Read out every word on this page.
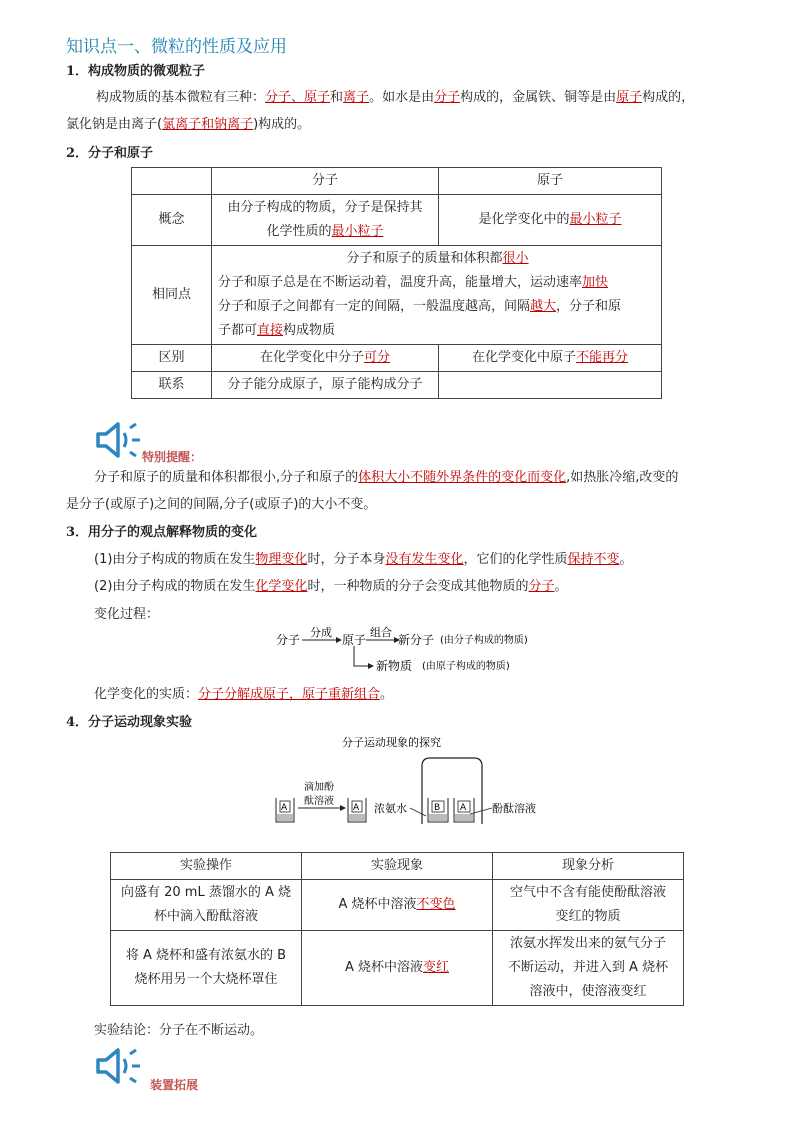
知识点一、微粒的性质及应用
1．构成物质的微观粒子
构成物质的基本微粒有三种：分子、原子和离子。如水是由分子构成的，金属铁、铜等是由原子构成的，
氯化钠是由离子(氯离子和钠离子)构成的。
2．分子和原子
	分子	原子
概念	由分子构成的物质，分子是保持其
化学性质的最小粒子	是化学变化中的最小粒子
相同点	分子和原子的质量和体积都很小
分子和原子总是在不断运动着，温度升高，能量增大，运动速率加快
分子和原子之间都有一定的间隔，一般温度越高，间隔越大，分子和原
子都可直接构成物质	

区别	在化学变化中分子可分	在化学变化中原子不能再分
联系	分子能分成原子，原子能构成分子	
特别提醒：
分子和原子的质量和体积都很小,分子和原子的体积大小不随外界条件的变化而变化,如热胀冷缩,改变的
是分子(或原子)之间的间隔,分子(或原子)的大小不变。
3．用分子的观点解释物质的变化
(1)由分子构成的物质在发生物理变化时，分子本身没有发生变化，它们的化学性质保持不变。
(2)由分子构成的物质在发生化学变化时，一种物质的分子会变成其他物质的分子。
变化过程：
分子
分成
原子
组合
新分子 (由分子构成的物质)
新物质 (由原子构成的物质)
化学变化的实质：分子分解成原子，原子重新组合。
4．分子运动现象实验
分子运动现象的探究
A
滴加酚
酞溶液
A 浓氨水	B A 酚酞溶液
实验操作	实验现象	现象分析
向盛有 20 mL 蒸馏水的 A 烧
杯中滴入酚酞溶液	A 烧杯中溶液不变色	空气中不含有能使酚酞溶液
变红的物质
将 A 烧杯和盛有浓氨水的 B
烧杯用另一个大烧杯罩住	A 烧杯中溶液变红	浓氨水挥发出来的氨气分子
不断运动，并进入到 A 烧杯
溶液中，使溶液变红
实验结论：分子在不断运动。
装置拓展
